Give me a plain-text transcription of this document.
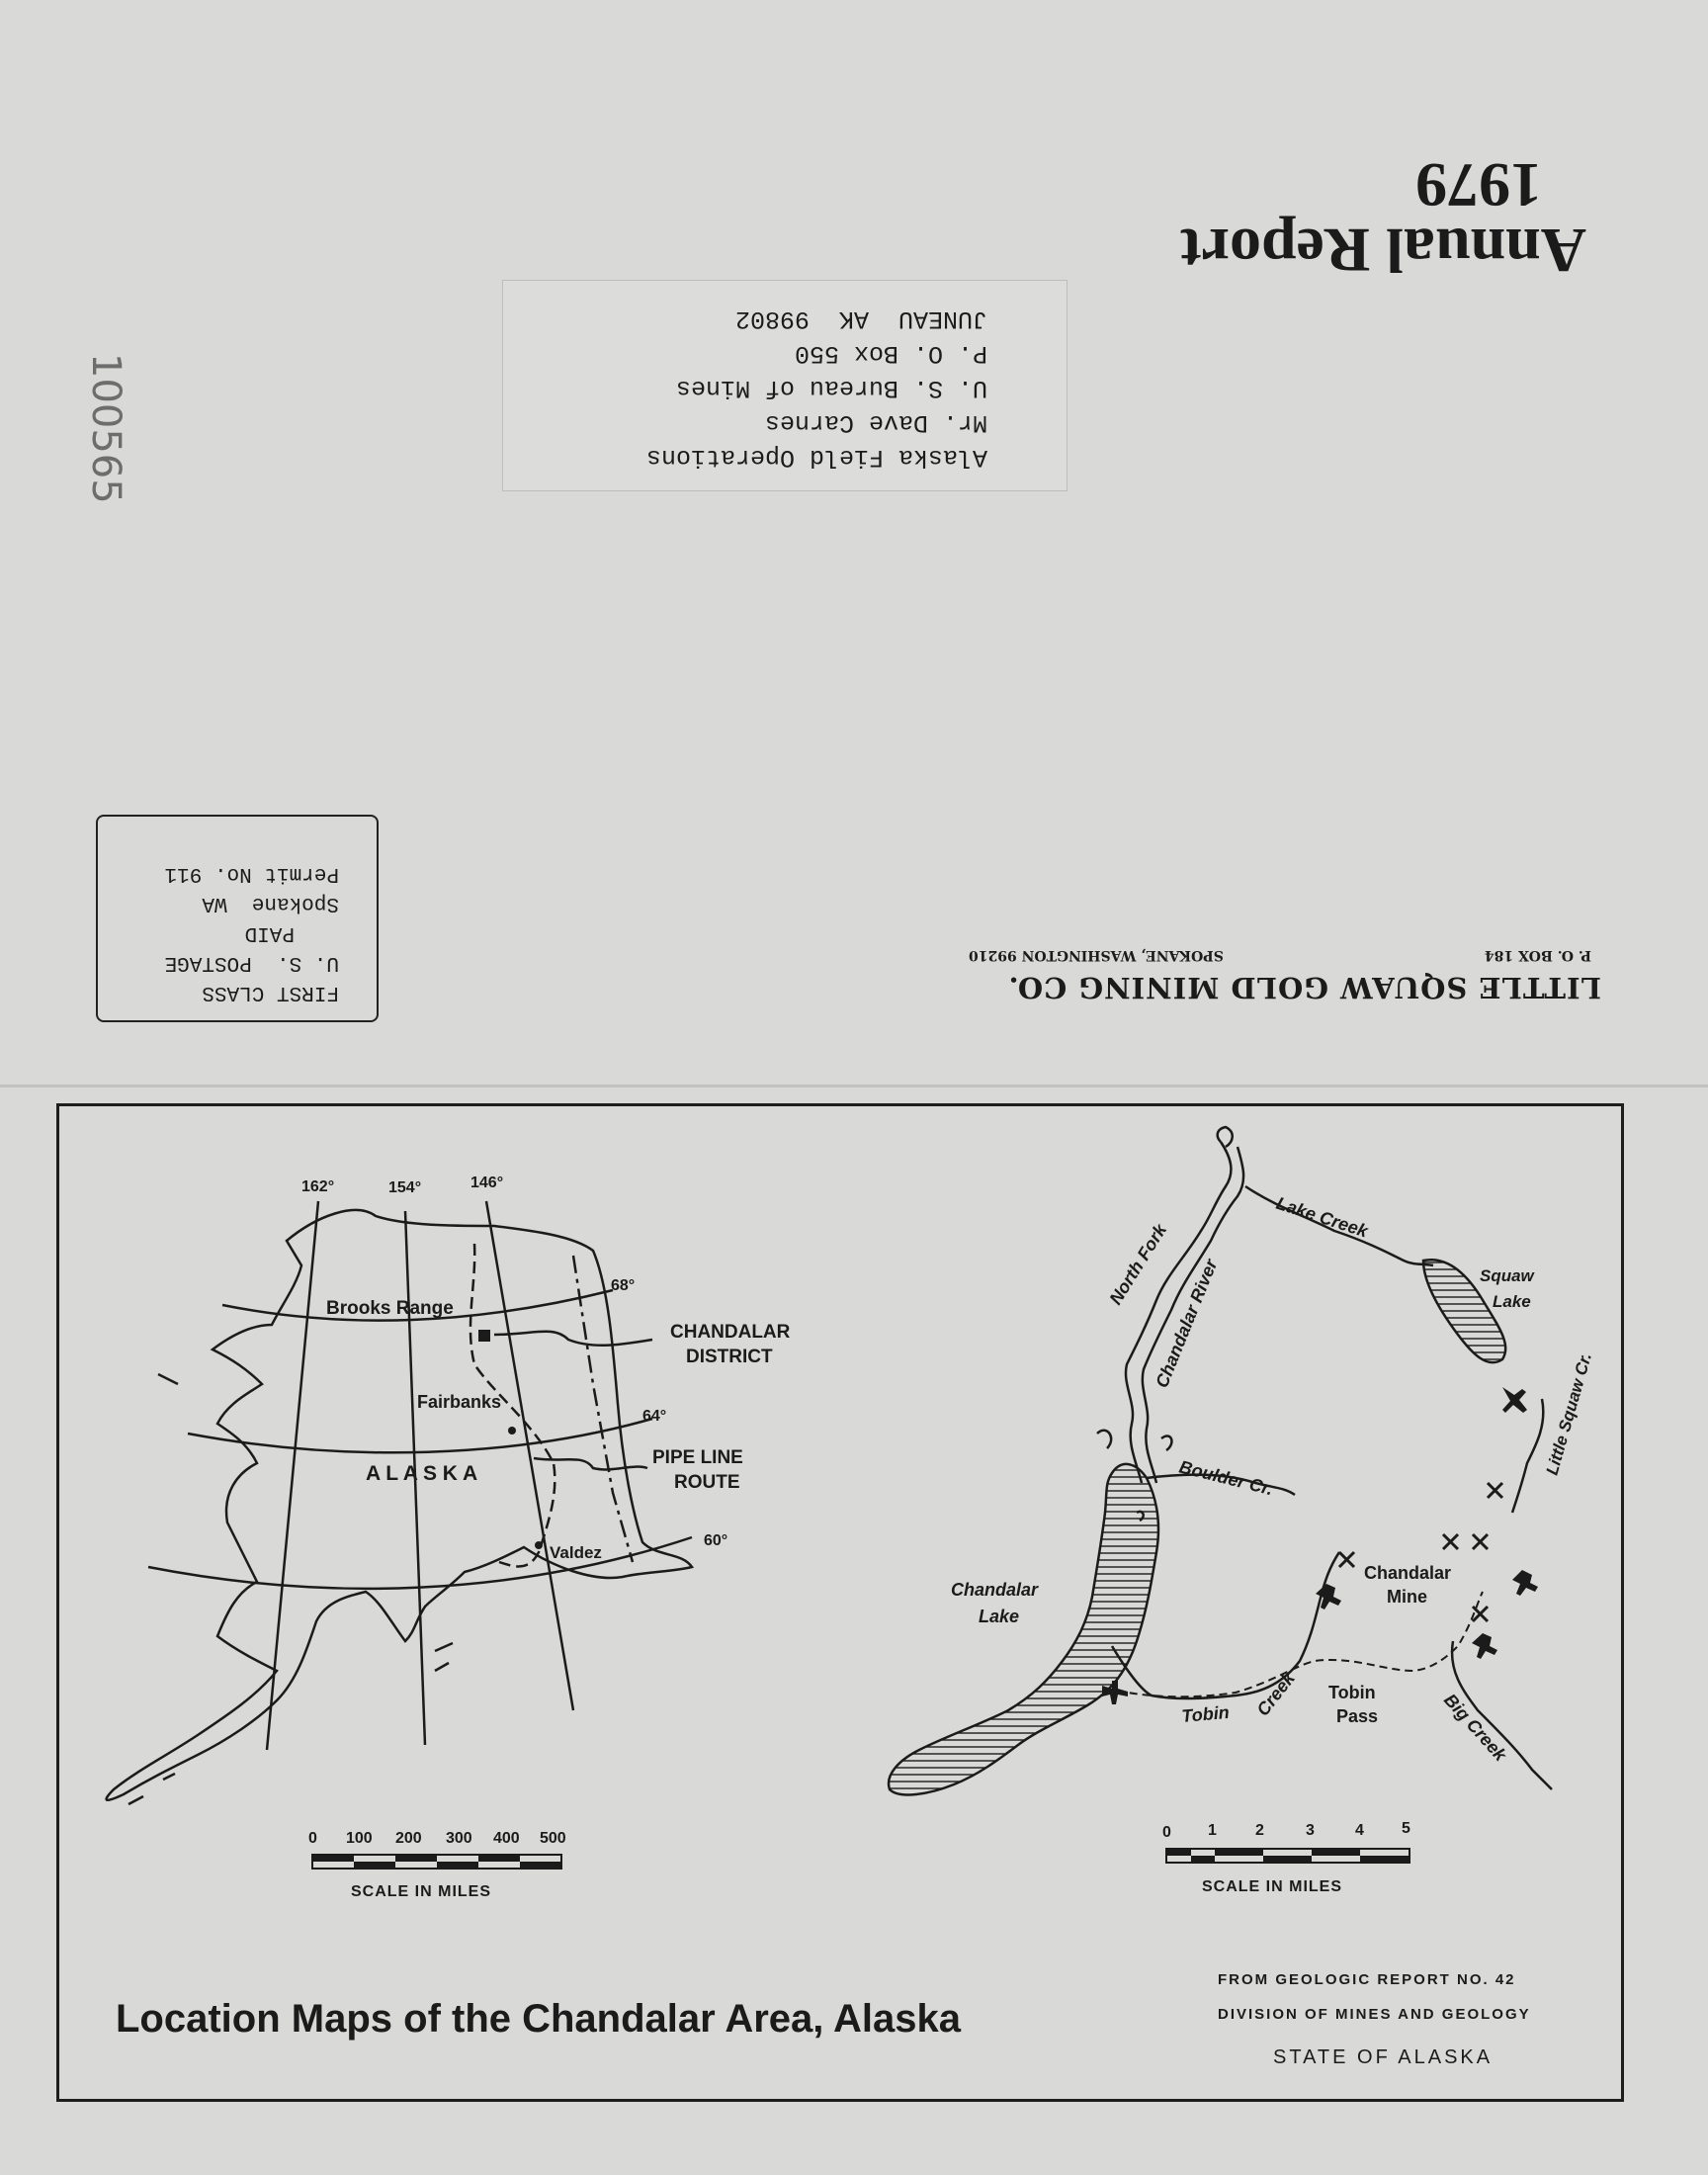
Annual Report
1979
Alaska Field Operations
Mr. Dave Carnes
U. S. Bureau of Mines
P. O. Box 550
JUNEAU  AK  99802
100565
LITTLE SQUAW GOLD MINING CO.
P. O. BOX 184
SPOKANE, WASHINGTON 99210
FIRST CLASS
U. S.  POSTAGE
PAID
Spokane  WA
Permit No. 911
162°	154°	146°
68°
64°
60°
Brooks Range
Fairbanks
A L A S K A
Valdez
CHANDALAR
DISTRICT
PIPE LINE
ROUTE
0 100 200 300 400 500
SCALE IN MILES
North Fork
Chandalar River
Lake Creek
Squaw
Lake
Little Squaw Cr.
Boulder Cr.
Chandalar
Lake
Chandalar
Mine
Tobin Creek Tobin
Pass	Big Creek
0 1 2	3	4 5
SCALE IN MILES
Location Maps of the Chandalar Area, Alaska
FROM GEOLOGIC REPORT NO. 42
DIVISION OF MINES AND GEOLOGY
STATE OF ALASKA
